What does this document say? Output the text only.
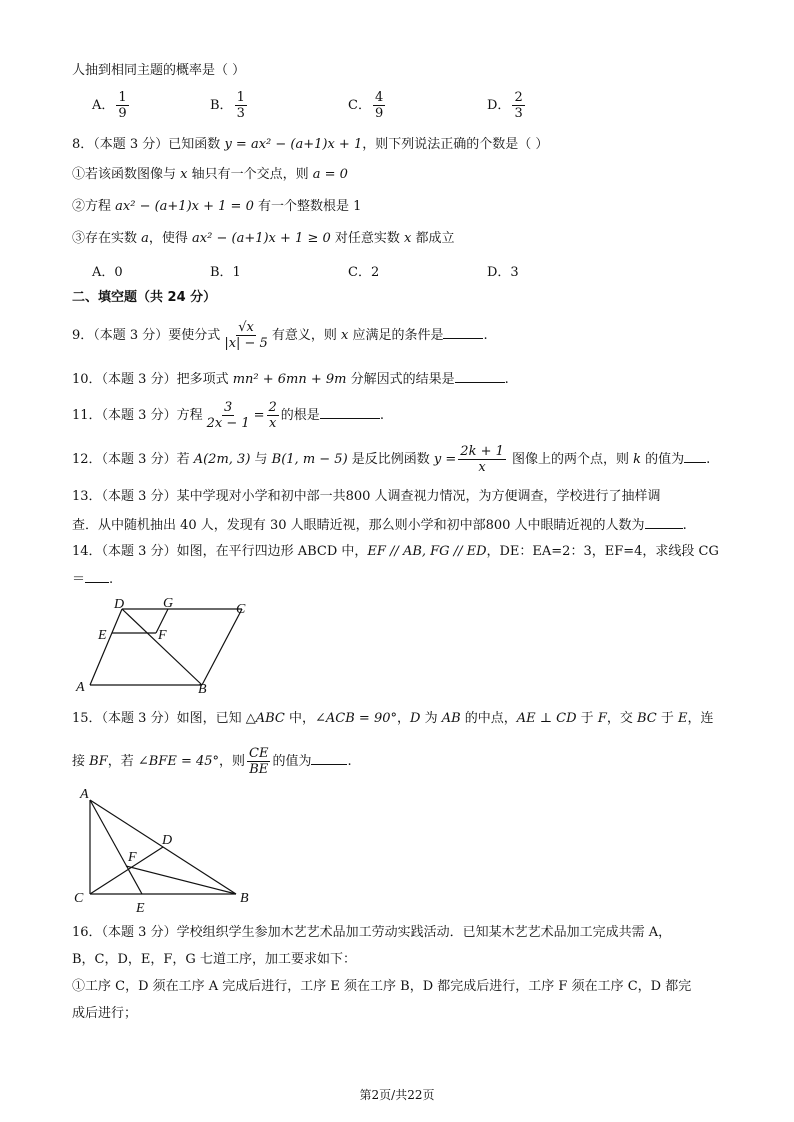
人抽到相同主题的概率是（ ）
A． $\frac{1}{9}$	B． $\frac{1}{3}$	C． $\frac{4}{9}$	D． $\frac{2}{3}$
8．（本题 3 分）已知函数 y = ax² − (a+1)x + 1，则下列说法正确的个数是（ ）
①若该函数图像与 x 轴只有一个交点，则 a = 0
②方程 ax² − (a+1)x + 1 = 0 有一个整数根是 1
③存在实数 a，使得 ax² − (a+1)x + 1 ≥ 0 对任意实数 x 都成立
A．0	B．1	C．2	D．3
二、填空题（共 24 分）
9．（本题 3 分）要使分式 $\frac{√x}{|x| - 5}$ 有意义，则 x 应满足的条件是	.
10．（本题 3 分）把多项式 mn² + 6mn + 9m 分解因式的结果是	.
11．（本题 3 分）方程 $\frac{3}{2x - 1} = \frac{2}{x}$ 的根是	.
12．（本题 3 分）若 A(2m, 3) 与 B(1, m − 5) 是反比例函数 $y = \frac{2k + 1}{x}$ 图像上的两个点，则 k 的值为 .
13．（本题 3 分）某中学现对小学和初中部一共800 人调查视力情况，为方便调查，学校进行了抽样调
查．从中随机抽出 40 人，发现有 30 人眼睛近视，那么则小学和初中部800 人中眼睛近视的人数为	.
14．（本题 3 分）如图，在平行四边形 ABCD 中，EF // AB, FG // ED，DE：EA=2：3，EF=4，求线段 CG
＝ .
D	G	C
E	F
A	B
15．（本题 3 分）如图，已知 △ABC 中，∠ACB = 90°，D 为 AB 的中点，AE ⊥ CD 于 F，交 BC 于 E，连
接 BF，若 ∠BFE = 45°，则 $\frac{CE}{BE}$ 的值为	.
A
D
F
C
E
B
16．（本题 3 分）学校组织学生参加木艺艺术品加工劳动实践活动．已知某木艺艺术品加工完成共需 A，
B，C，D，E，F，G 七道工序，加工要求如下：
①工序 C，D 须在工序 A 完成后进行，工序 E 须在工序 B，D 都完成后进行，工序 F 须在工序 C，D 都完
成后进行；
第2页/共22页
